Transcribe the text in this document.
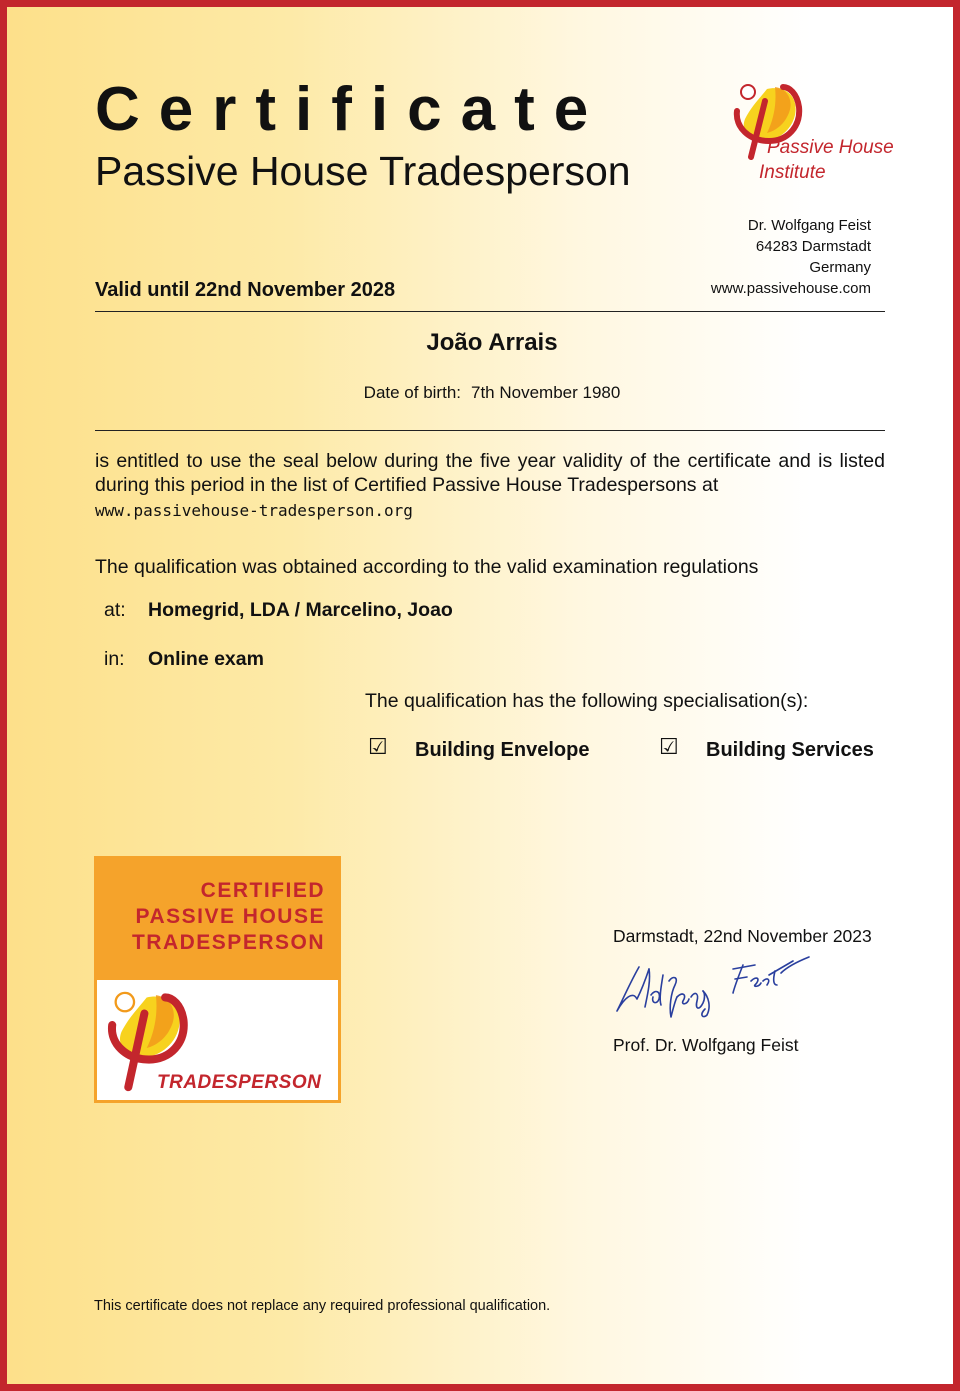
Certificate
Passive House Tradesperson
Passive House
Institute
Dr. Wolfgang Feist
64283 Darmstadt
Germany
www.passivehouse.com
Valid until 22nd November 2028
João Arrais
Date of birth: 7th November 1980
is entitled to use the seal below during the five year validity of the certificate and is listed during this period in the list of Certified Passive House Tradespersons at
www.passivehouse-tradesperson.org
The qualification was obtained according to the valid examination regulations
at: Homegrid, LDA / Marcelino, Joao
in: Online exam
The qualification has the following specialisation(s):
☑ Building Envelope	☑ Building Services
CERTIFIED
PASSIVE HOUSE
TRADESPERSON
TRADESPERSON
Darmstadt, 22nd November 2023
Prof. Dr. Wolfgang Feist
This certificate does not replace any required professional qualification.
